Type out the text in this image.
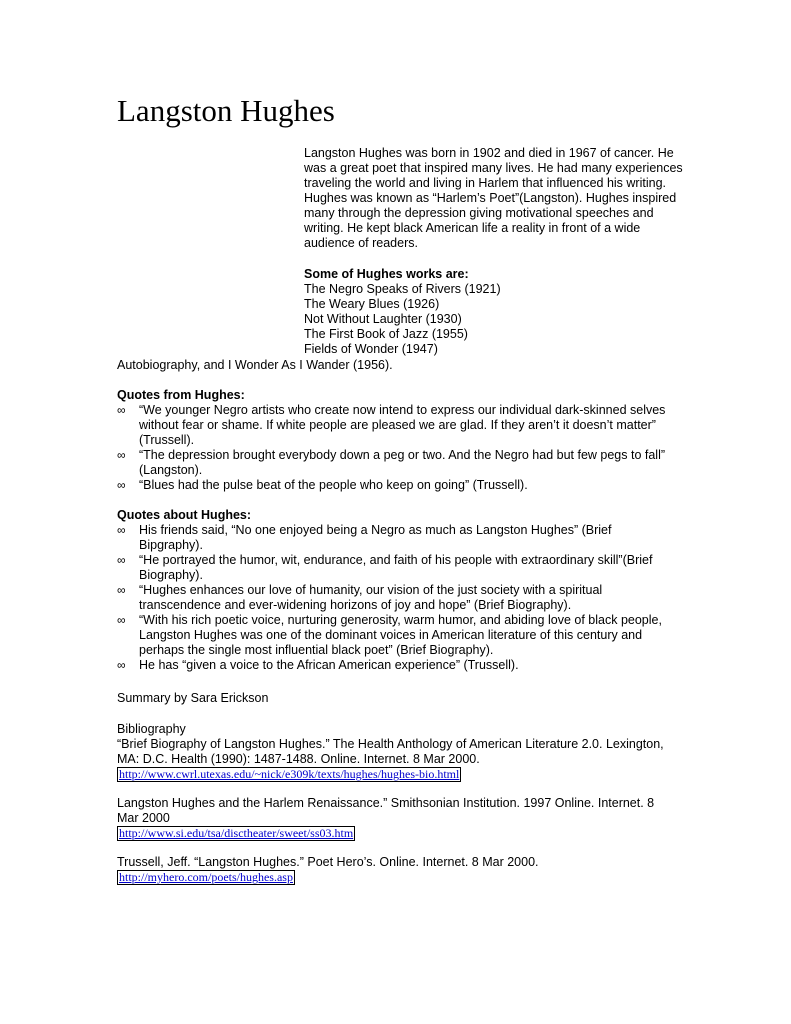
Langston Hughes

Langston Hughes was born in 1902 and died in 1967 of cancer. He was a great poet that inspired many lives. He had many experiences traveling the world and living in Harlem that influenced his writing. Hughes was known as “Harlem’s Poet”(Langston). Hughes inspired many through the depression giving motivational speeches and writing. He kept black American life a reality in front of a wide audience of readers.

Some of Hughes works are:
The Negro Speaks of Rivers (1921)
The Weary Blues (1926)
Not Without Laughter (1930)
The First Book of Jazz (1955)
Fields of Wonder (1947)
Autobiography, and I Wonder As I Wander (1956).
Quotes from Hughes:
∞ “We younger Negro artists who create now intend to express our individual dark-skinned selves without fear or shame. If white people are pleased we are glad. If they aren’t it doesn’t matter” (Trussell).
∞ “The depression brought everybody down a peg or two. And the Negro had but few pegs to fall” (Langston).
∞ “Blues had the pulse beat of the people who keep on going” (Trussell).
Quotes about Hughes:
∞ His friends said, “No one enjoyed being a Negro as much as Langston Hughes” (Brief Bipgraphy).
∞ “He portrayed the humor, wit, endurance, and faith of his people with extraordinary skill”(Brief Biography).
∞ “Hughes enhances our love of humanity, our vision of the just society with a spiritual transcendence and ever-widening horizons of joy and hope” (Brief Biography).
∞ “With his rich poetic voice, nurturing generosity, warm humor, and abiding love of black people, Langston Hughes was one of the dominant voices in American literature of this century and perhaps the single most influential black poet” (Brief Biography).
∞ He has “given a voice to the African American experience” (Trussell).
Summary by Sara Erickson
Bibliography
“Brief Biography of Langston Hughes.” The Health Anthology of American Literature 2.0. Lexington, MA: D.C. Health (1990): 1487-1488. Online. Internet. 8 Mar 2000.
http://www.cwrl.utexas.edu/~nick/e309k/texts/hughes/hughes-bio.html
Langston Hughes and the Harlem Renaissance.” Smithsonian Institution. 1997 Online. Internet. 8 Mar 2000
http://www.si.edu/tsa/disctheater/sweet/ss03.htm
Trussell, Jeff. “Langston Hughes.” Poet Hero’s. Online. Internet. 8 Mar 2000.
http://myhero.com/poets/hughes.asp
